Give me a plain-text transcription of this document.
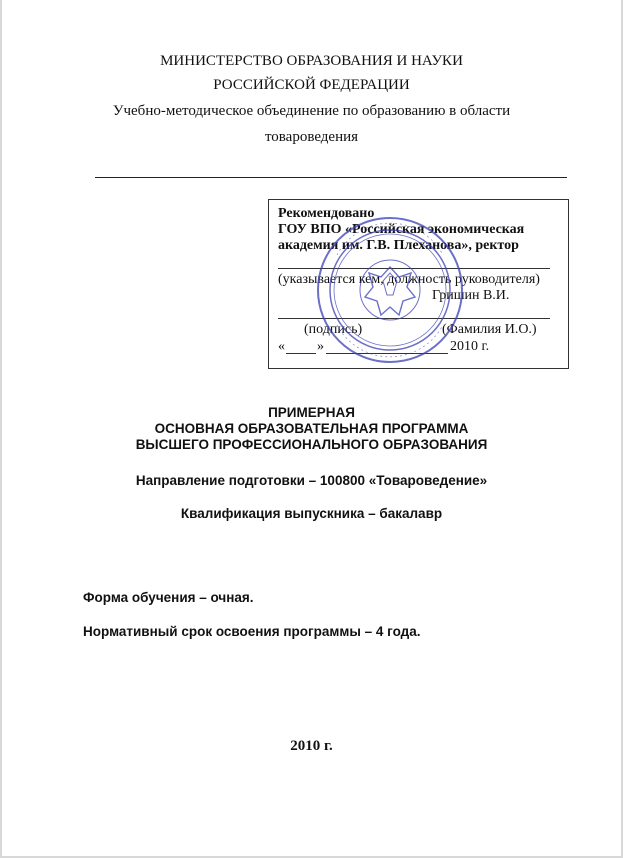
МИНИСТЕРСТВО ОБРАЗОВАНИЯ И НАУКИ
РОССИЙСКОЙ ФЕДЕРАЦИИ
Учебно-методическое объединение по образованию в области
товароведения
Рекомендовано
ГОУ ВПО «Российская экономическая
академия им. Г.В. Плеханова», ректор
(указывается кем, должность руководителя)
Гришин В.И.
(подпись)	(Фамилия И.О.)
« »	2010 г.
ПРИМЕРНАЯ
ОСНОВНАЯ ОБРАЗОВАТЕЛЬНАЯ ПРОГРАММА
ВЫСШЕГО ПРОФЕССИОНАЛЬНОГО ОБРАЗОВАНИЯ
Направление подготовки – 100800 «Товароведение»
Квалификация выпускника – бакалавр
Форма обучения – очная.
Нормативный срок освоения программы – 4 года.
2010 г.
